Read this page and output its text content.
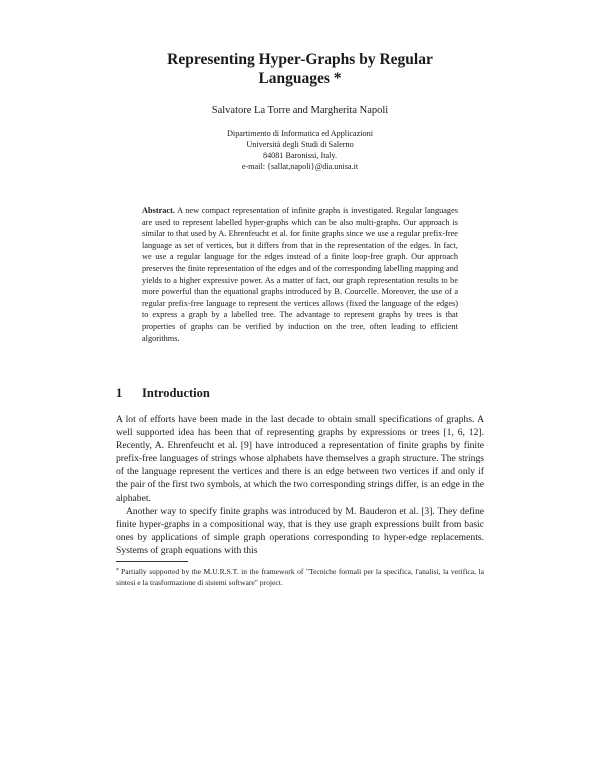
Representing Hyper-Graphs by Regular
Languages *
Salvatore La Torre and Margherita Napoli
Dipartimento di Informatica ed Applicazioni
Università degli Studi di Salerno
84081 Baronissi, Italy.
e-mail: {sallat,napoli}@dia.unisa.it
Abstract. A new compact representation of infinite graphs is investigated. Regular languages are used to represent labelled hyper-graphs which can be also multi-graphs. Our approach is similar to that used by A. Ehrenfeucht et al. for finite graphs since we use a regular prefix-free language as set of vertices, but it differs from that in the representation of the edges. In fact, we use a regular language for the edges instead of a finite loop-free graph. Our approach preserves the finite representation of the edges and of the corresponding labelling mapping and yields to a higher expressive power. As a matter of fact, our graph representation results to be more powerful than the equational graphs introduced by B. Courcelle. Moreover, the use of a regular prefix-free language to represent the vertices allows (fixed the language of the edges) to express a graph by a labelled tree. The advantage to represent graphs by trees is that properties of graphs can be verified by induction on the tree, often leading to efficient algorithms.
1 Introduction

A lot of efforts have been made in the last decade to obtain small specifications of graphs. A well supported idea has been that of representing graphs by expressions or trees [1, 6, 12]. Recently, A. Ehrenfeucht et al. [9] have introduced a representation of finite graphs by finite prefix-free languages of strings whose alphabets have themselves a graph structure. The strings of the language represent the vertices and there is an edge between two vertices if and only if the pair of the first two symbols, at which the two corresponding strings differ, is an edge in the alphabet.

Another way to specify finite graphs was introduced by M. Bauderon et al. [3]. They define finite hyper-graphs in a compositional way, that is they use graph expressions built from basic ones by applications of simple graph operations corresponding to hyper-edge replacements. Systems of graph equations with this

* Partially supported by the M.U.R.S.T. in the framework of "Tecniche formali per la specifica, l'analisi, la verifica, la sintesi e la trasformazione di sistemi software" project.
